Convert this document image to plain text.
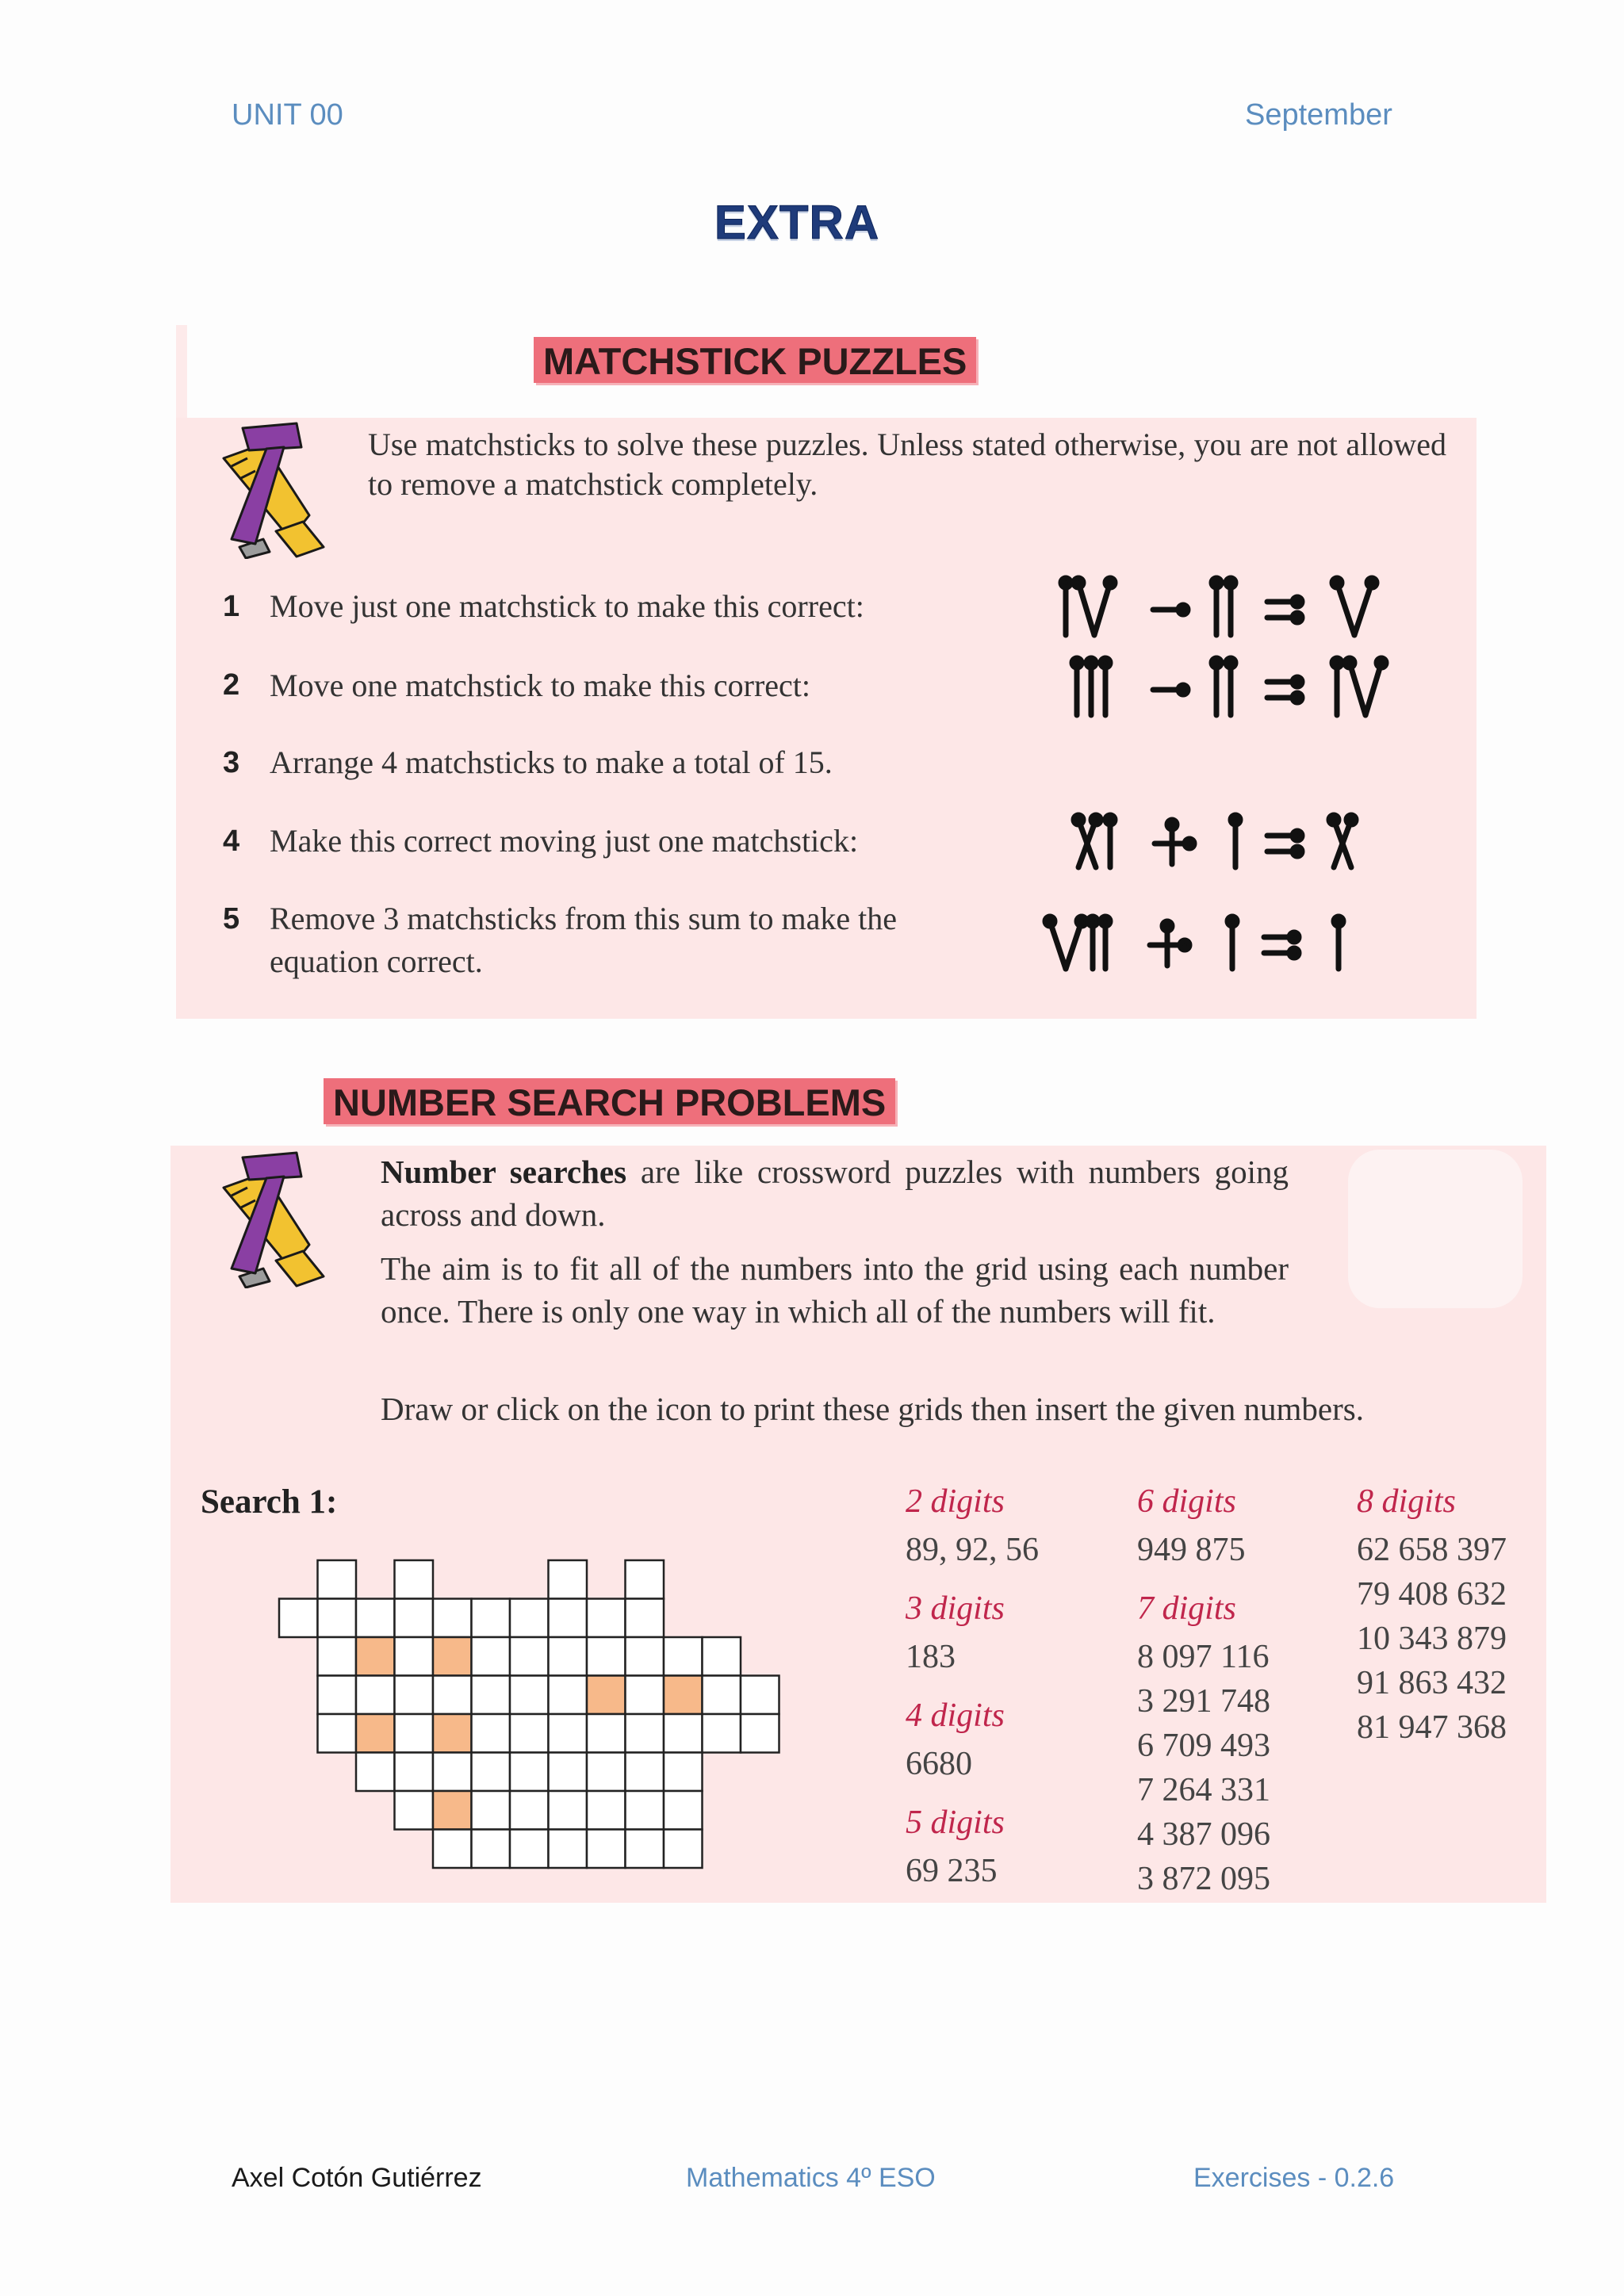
UNIT 00	September
EXTRA
MATCHSTICK PUZZLES
Use matchsticks to solve these puzzles. Unless stated otherwise, you are not allowed to remove a matchstick completely.
1 Move just one matchstick to make this correct:
2 Move one matchstick to make this correct:
3 Arrange 4 matchsticks to make a total of 15.
4 Make this correct moving just one matchstick:
5 Remove 3 matchsticks from this sum to make the equation correct.
NUMBER SEARCH PROBLEMS
Number searches are like crossword puzzles with numbers going across and down.
The aim is to fit all of the numbers into the grid using each number once. There is only one way in which all of the numbers will fit.
Draw or click on the icon to print these grids then insert the given numbers.
Search 1:	2 digits
89, 92, 56
3 digits
183
4 digits
6680
5 digits
69 235
6 digits
949 875
7 digits
8 097 116
3 291 748
6 709 493
7 264 331
4 387 096
3 872 095
8 digits
62 658 397
79 408 632
10 343 879
91 863 432
81 947 368
Axel Cotón Gutiérrez	Mathematics 4º ESO	Exercises - 0.2.6
